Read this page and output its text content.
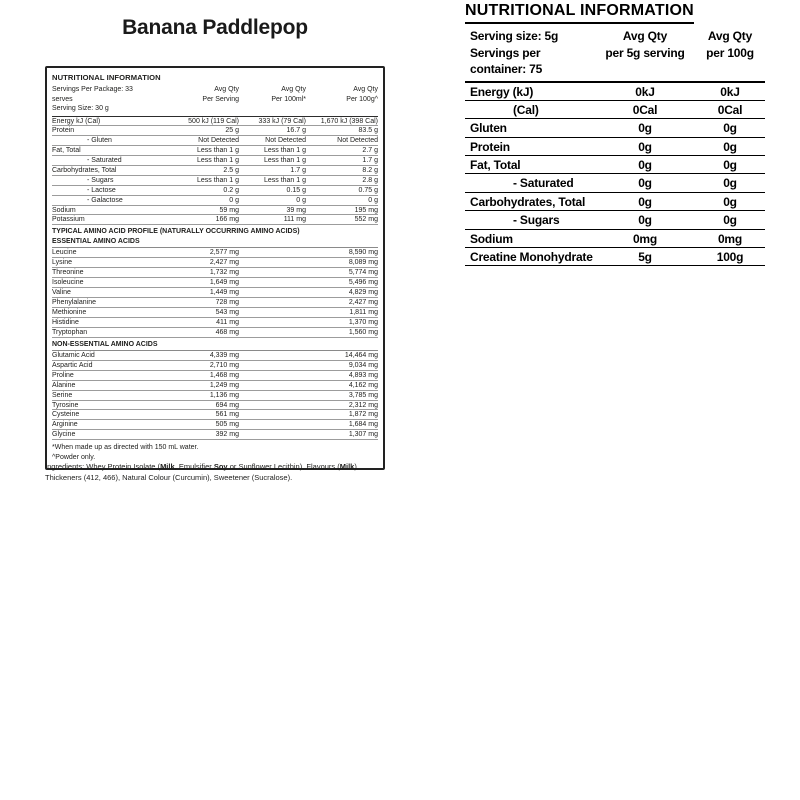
Banana Paddlepop
NUTRITIONAL INFORMATION
Servings Per Package: 33 serves
Serving Size: 30 g
Avg Qty
Per Serving
Avg Qty
Per 100ml*
Avg Qty
Per 100g^
Energy kJ (Cal)	500 kJ (119 Cal)	333 kJ (79 Cal)	1,670 kJ (398 Cal)
Protein	25 g	16.7 g	83.5 g
- Gluten	Not Detected	Not Detected	Not Detected
Fat, Total	Less than 1 g	Less than 1 g	2.7 g
- Saturated	Less than 1 g	Less than 1 g	1.7 g
Carbohydrates, Total	2.5 g	1.7 g	8.2 g
- Sugars	Less than 1 g	Less than 1 g	2.8 g
- Lactose	0.2 g	0.15 g	0.75 g
- Galactose	0 g	0 g	0 g
Sodium	59 mg	39 mg	195 mg
Potassium	166 mg	111 mg	552 mg
TYPICAL AMINO ACID PROFILE (NATURALLY OCCURRING AMINO ACIDS)
ESSENTIAL AMINO ACIDS
Leucine	2,577 mg	8,590 mg
Lysine	2,427 mg	8,089 mg
Threonine	1,732 mg	5,774 mg
Isoleucine	1,649 mg	5,496 mg
Valine	1,449 mg	4,829 mg
Phenylalanine	728 mg	2,427 mg
Methionine	543 mg	1,811 mg
Histidine	411 mg	1,370 mg
Tryptophan	468 mg	1,560 mg
NON-ESSENTIAL AMINO ACIDS
Glutamic Acid	4,339 mg	14,464 mg
Aspartic Acid	2,710 mg	9,034 mg
Proline	1,468 mg	4,893 mg
Alanine	1,249 mg	4,162 mg
Serine	1,136 mg	3,785 mg
Tyrosine	694 mg	2,312 mg
Cysteine	561 mg	1,872 mg
Arginine	505 mg	1,684 mg
Glycine	392 mg	1,307 mg
*When made up as directed with 150 mL water.
^Powder only.
Ingredients: Whey Protein Isolate (Milk, Emulsifier Soy or Sunflower Lecithin), Flavours (Milk), Thickeners (412, 466), Natural Colour (Curcumin), Sweetener (Sucralose).
NUTRITIONAL INFORMATION
Serving size: 5g
Servings per
container: 75
Avg Qty
per 5g serving
Avg Qty
per 100g
Energy (kJ)	0kJ	0kJ
(Cal)	0Cal	0Cal
Gluten	0g	0g
Protein	0g	0g
Fat, Total	0g	0g
- Saturated	0g	0g
Carbohydrates, Total	0g	0g
- Sugars	0g	0g
Sodium	0mg	0mg
Creatine Monohydrate	5g	100g
